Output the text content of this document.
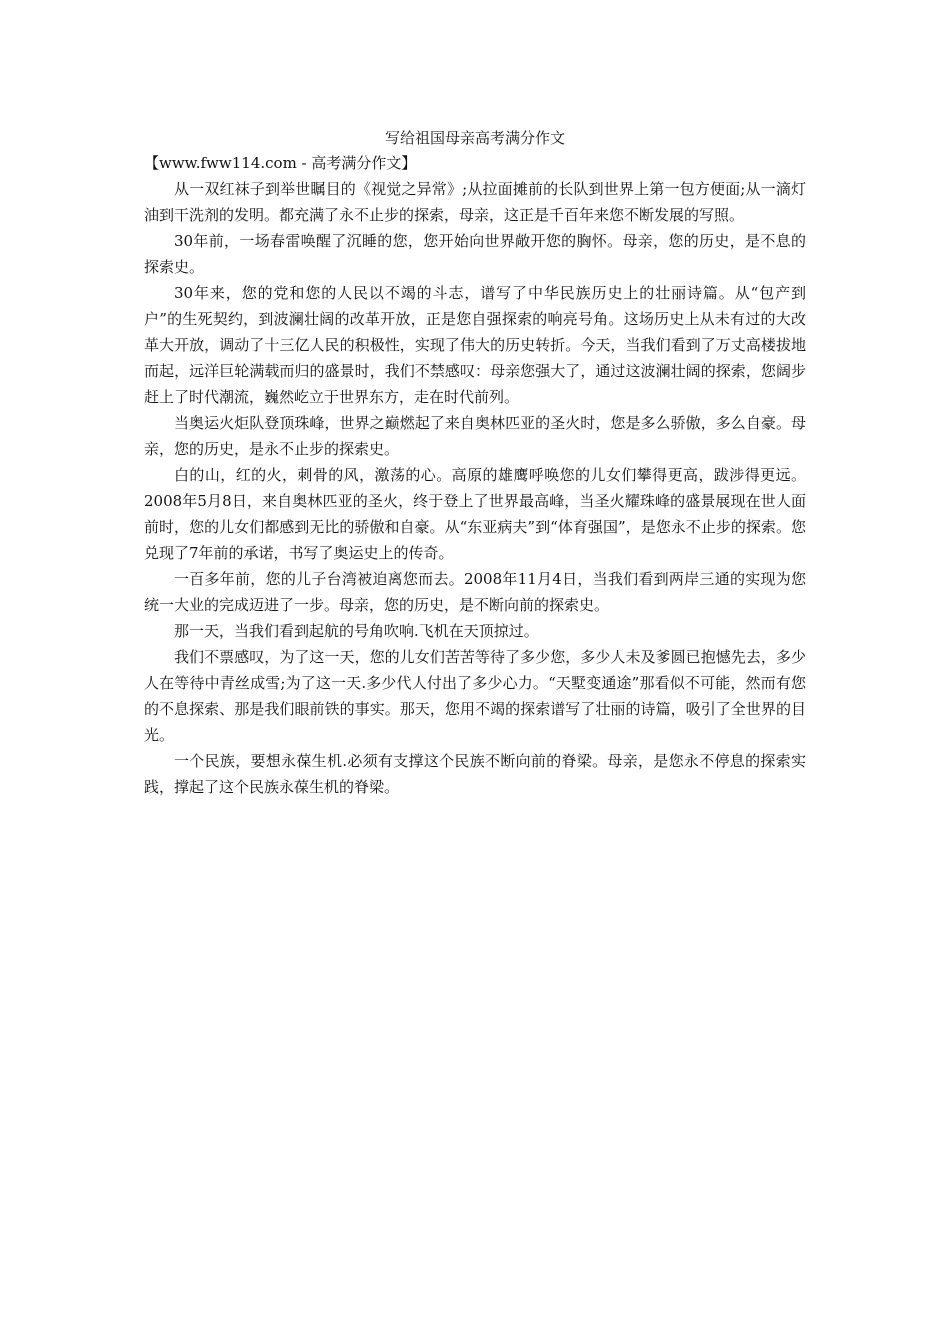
写给祖国母亲高考满分作文

【www.fww114.com - 高考满分作文】

从一双红袜子到举世瞩目的《视觉之异常》;从拉面摊前的长队到世界上第一包方便面;从一滴灯油到干洗剂的发明。都充满了永不止步的探索，母亲，这正是千百年来您不断发展的写照。

30年前，一场春雷唤醒了沉睡的您，您开始向世界敞开您的胸怀。母亲，您的历史，是不息的探索史。

30年来，您的党和您的人民以不竭的斗志，谱写了中华民族历史上的壮丽诗篇。从“包产到户”的生死契约，到波澜壮阔的改革开放，正是您自强探索的响亮号角。这场历史上从未有过的大改革大开放，调动了十三亿人民的积极性，实现了伟大的历史转折。今天，当我们看到了万丈高楼拔地而起，远洋巨轮满载而归的盛景时，我们不禁感叹：母亲您强大了，通过这波澜壮阔的探索，您阔步赶上了时代潮流，巍然屹立于世界东方，走在时代前列。

当奥运火炬队登顶珠峰，世界之巅燃起了来自奥林匹亚的圣火时，您是多么骄傲，多么自豪。母亲，您的历史，是永不止步的探索史。

白的山，红的火，刺骨的风，激荡的心。高原的雄鹰呼唤您的儿女们攀得更高，跋涉得更远。2008年5月8日，来自奥林匹亚的圣火，终于登上了世界最高峰，当圣火耀珠峰的盛景展现在世人面前时，您的儿女们都感到无比的骄傲和自豪。从“东亚病夫”到“体育强国”，是您永不止步的探索。您兑现了7年前的承诺，书写了奥运史上的传奇。

一百多年前，您的儿子台湾被迫离您而去。2008年11月4日，当我们看到两岸三通的实现为您统一大业的完成迈进了一步。母亲，您的历史，是不断向前的探索史。

那一天，当我们看到起航的号角吹响.飞机在天顶掠过。

我们不票感叹，为了这一天，您的儿女们苦苦等待了多少您，多少人未及爹圆已抱憾先去，多少人在等待中青丝成雪;为了这一天.多少代人付出了多少心力。“天墅变通途”那看似不可能，然而有您的不息探索、那是我们眼前铁的事实。那天，您用不竭的探索谱写了壮丽的诗篇，吸引了全世界的目光。

一个民族，要想永葆生机.必须有支撑这个民族不断向前的脊梁。母亲，是您永不停息的探索实践，撑起了这个民族永葆生机的脊梁。
